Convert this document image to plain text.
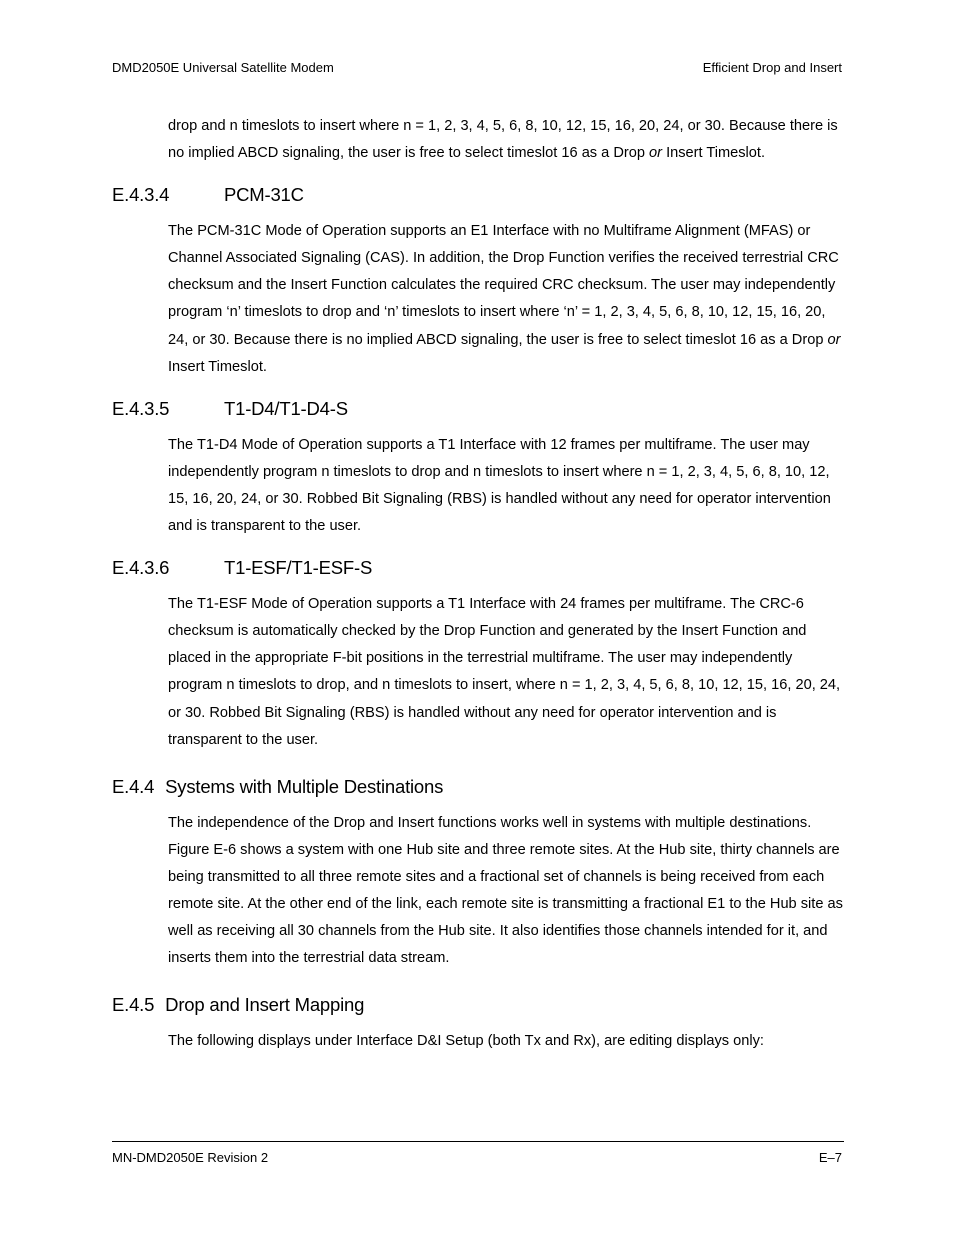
DMD2050E Universal Satellite Modem	Efficient Drop and Insert

drop and n timeslots to insert where n = 1, 2, 3, 4, 5, 6, 8, 10, 12, 15, 16, 20, 24, or 30. Because there is no implied ABCD signaling, the user is free to select timeslot 16 as a Drop or Insert Timeslot.

E.4.3.4	PCM-31C

The PCM-31C Mode of Operation supports an E1 Interface with no Multiframe Alignment (MFAS) or Channel Associated Signaling (CAS). In addition, the Drop Function verifies the received terrestrial CRC checksum and the Insert Function calculates the required CRC checksum. The user may independently program ‘n’ timeslots to drop and ‘n’ timeslots to insert where ‘n’ = 1, 2, 3, 4, 5, 6, 8, 10, 12, 15, 16, 20, 24, or 30. Because there is no implied ABCD signaling, the user is free to select timeslot 16 as a Drop or Insert Timeslot.

E.4.3.5	T1-D4/T1-D4-S

The T1-D4 Mode of Operation supports a T1 Interface with 12 frames per multiframe. The user may independently program n timeslots to drop and n timeslots to insert where n = 1, 2, 3, 4, 5, 6, 8, 10, 12, 15, 16, 20, 24, or 30. Robbed Bit Signaling (RBS) is handled without any need for operator intervention and is transparent to the user.

E.4.3.6	T1-ESF/T1-ESF-S

The T1-ESF Mode of Operation supports a T1 Interface with 24 frames per multiframe. The CRC-6 checksum is automatically checked by the Drop Function and generated by the Insert Function and placed in the appropriate F-bit positions in the terrestrial multiframe. The user may independently program n timeslots to drop, and n timeslots to insert, where n = 1, 2, 3, 4, 5, 6, 8, 10, 12, 15, 16, 20, 24, or 30. Robbed Bit Signaling (RBS) is handled without any need for operator intervention and is transparent to the user.

E.4.4 Systems with Multiple Destinations

The independence of the Drop and Insert functions works well in systems with multiple destinations. Figure E-6 shows a system with one Hub site and three remote sites. At the Hub site, thirty channels are being transmitted to all three remote sites and a fractional set of channels is being received from each remote site. At the other end of the link, each remote site is transmitting a fractional E1 to the Hub site as well as receiving all 30 channels from the Hub site. It also identifies those channels intended for it, and inserts them into the terrestrial data stream.

E.4.5 Drop and Insert Mapping

The following displays under Interface D&I Setup (both Tx and Rx), are editing displays only:

MN-DMD2050E Revision 2	E–7
